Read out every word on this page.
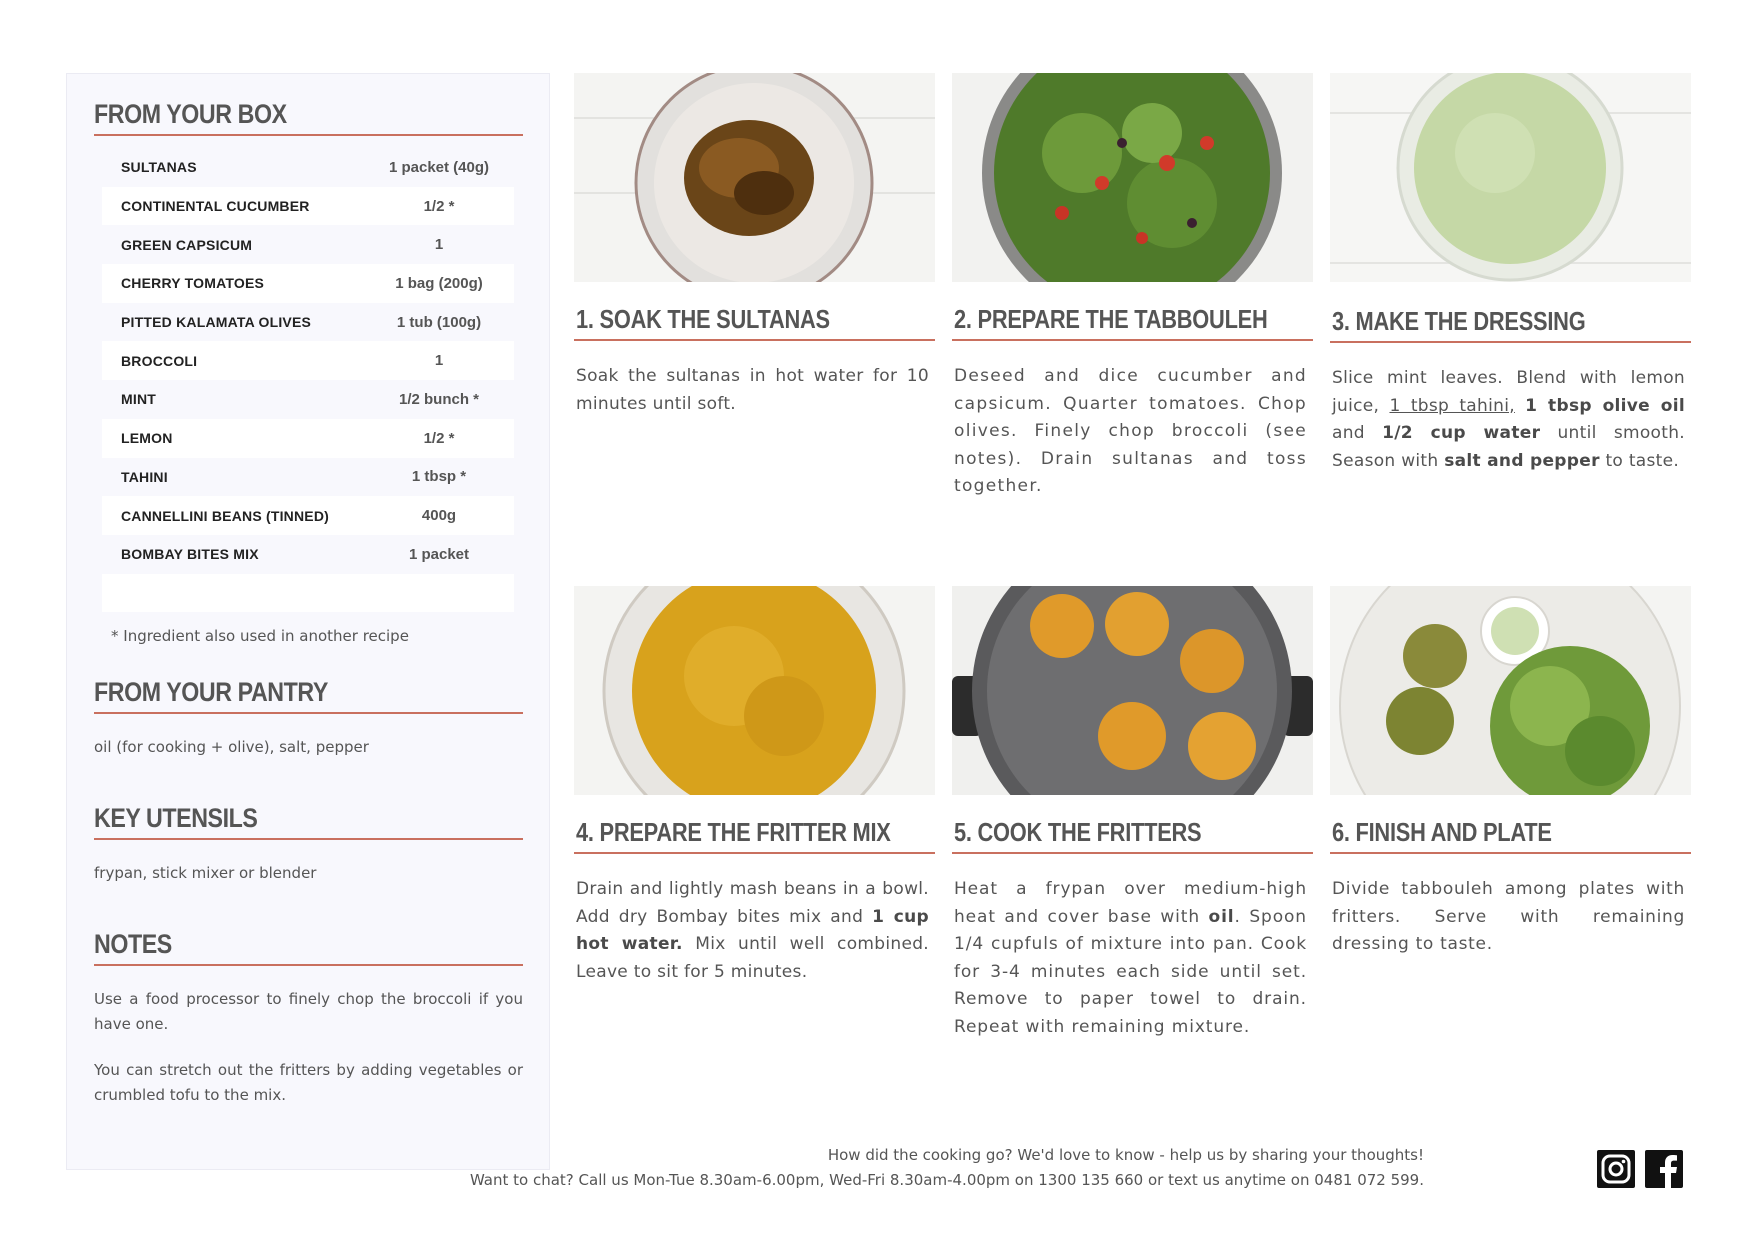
FROM YOUR BOX
SULTANAS	1 packet (40g)
CONTINENTAL CUCUMBER	1/2 *
GREEN CAPSICUM	1
CHERRY TOMATOES	1 bag (200g)
PITTED KALAMATA OLIVES	1 tub (100g)
BROCCOLI	1
MINT	1/2 bunch *
LEMON	1/2 *
TAHINI	1 tbsp *
CANNELLINI BEANS (TINNED)	400g
BOMBAY BITES MIX	1 packet
* Ingredient also used in another recipe
FROM YOUR PANTRY
oil (for cooking + olive), salt, pepper
KEY UTENSILS
frypan, stick mixer or blender
NOTES
Use a food processor to finely chop the broccoli if you have one.
You can stretch out the fritters by adding vegetables or crumbled tofu to the mix.
1. SOAK THE SULTANAS
Soak the sultanas in hot water for 10 minutes until soft.
2. PREPARE THE TABBOULEH
Deseed and dice cucumber and capsicum. Quarter tomatoes. Chop olives. Finely chop broccoli (see notes). Drain sultanas and toss together.
3. MAKE THE DRESSING
Slice mint leaves. Blend with lemon juice, 1 tbsp tahini, 1 tbsp olive oil and 1/2 cup water until smooth. Season with salt and pepper to taste.
4. PREPARE THE FRITTER MIX
Drain and lightly mash beans in a bowl. Add dry Bombay bites mix and 1 cup hot water. Mix until well combined. Leave to sit for 5 minutes.
5. COOK THE FRITTERS
Heat a frypan over medium-high heat and cover base with oil. Spoon 1/4 cupfuls of mixture into pan. Cook for 3-4 minutes each side until set. Remove to paper towel to drain. Repeat with remaining mixture.
6. FINISH AND PLATE
Divide tabbouleh among plates with fritters. Serve with remaining dressing to taste.
How did the cooking go? We'd love to know - help us by sharing your thoughts!
Want to chat? Call us Mon-Tue 8.30am-6.00pm, Wed-Fri 8.30am-4.00pm on 1300 135 660 or text us anytime on 0481 072 599.
